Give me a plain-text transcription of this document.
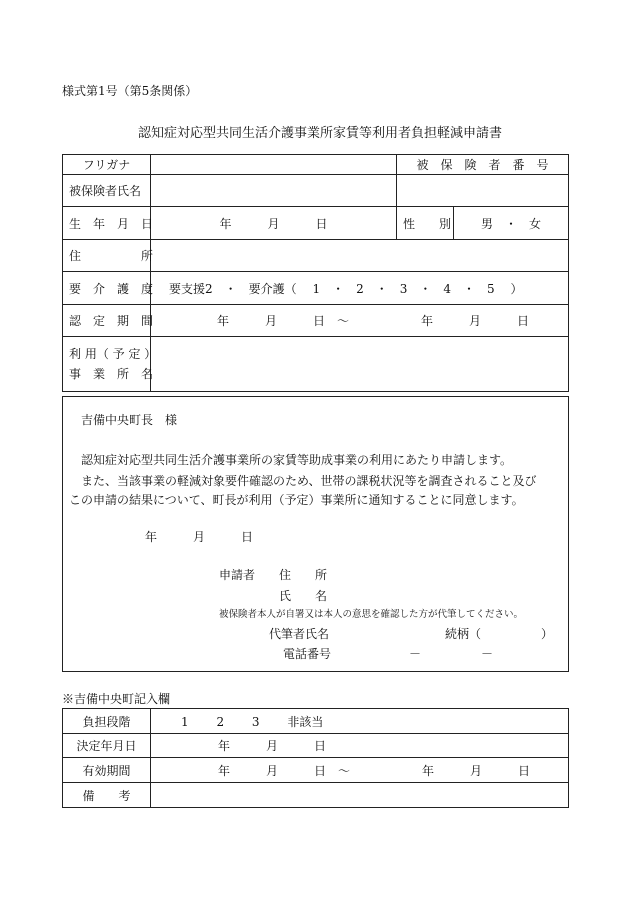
様式第1号（第5条関係）
認知症対応型共同生活介護事業所家賃等利用者負担軽減申請書
フリガナ		被　保　険　者　番　号	
被保険者氏名			
生　年　月　日	年　　　月　　　日	性　　別	男　・　女
住　　　　　所			
要　介　護　度	要支援2　・　要介護（　 1　・　2　・　3　・　4　・　5　 ）		
認　定　期　間	年　　　月　　　日　～　　　　　　年　　　月　　　日		

利 用（ 予 定 ）
事　業　所　名			

吉備中央町長　様
　認知症対応型共同生活介護事業所の家賃等助成事業の利用にあたり申請します。
　また、当該事業の軽減対象要件確認のため、世帯の課税状況等を調査されること及び
この申請の結果について、町長が利用（予定）事業所に通知することに同意します。
年　　　月　　　日
申請者 住　　所
氏　　名
被保険者本人が自署又は本人の意思を確認した方が代筆してください。
代筆者氏名	続柄（　　　　　）
電話番号	－　　　　　－
※吉備中央町記入欄
負担段階	1　　 2　　 3　　 非該当
決定年月日	年　　　月　　　日
有効期間	年　　　月　　　日　～　　　　　　年　　　月　　　日
備　　考	
